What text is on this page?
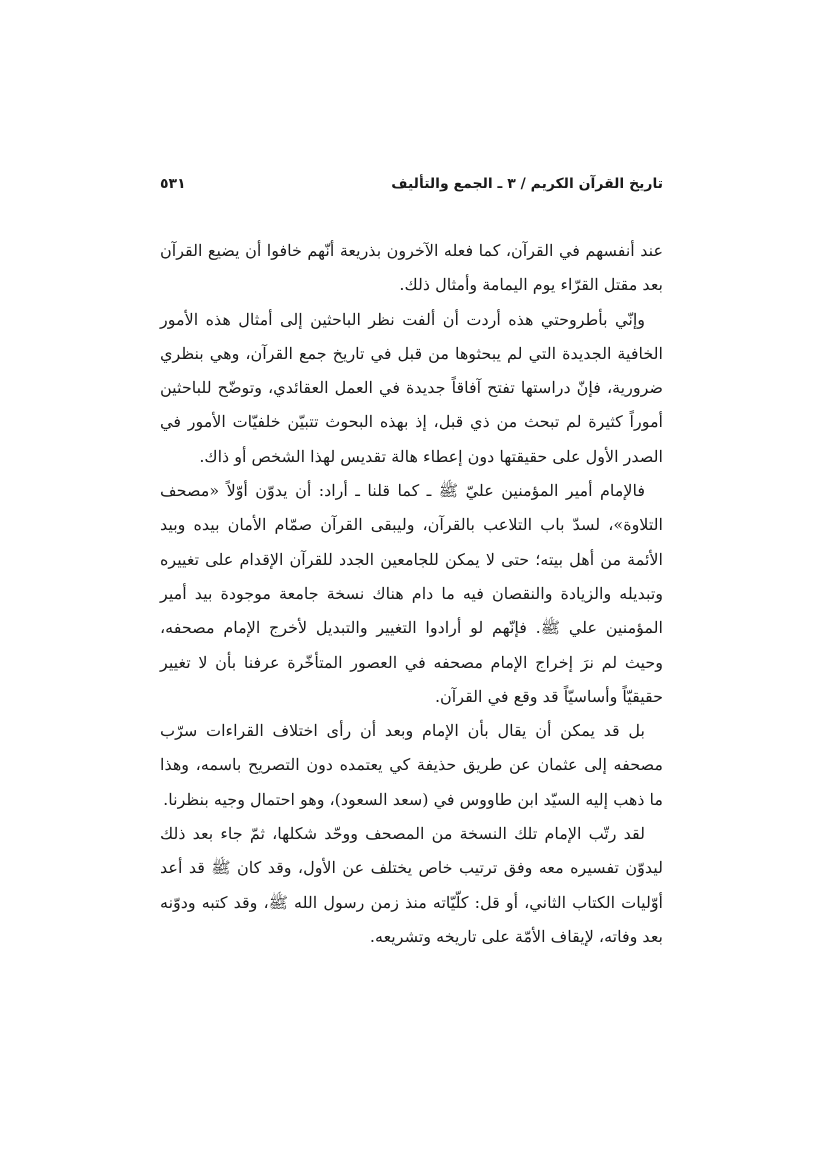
تاريخ القرآن الكريم / ٣ ـ الجمع والتأليف
٥٣١

عند أنفسهم في القرآن، كما فعله الآخرون بذريعة أنّهم خافوا أن يضيع القرآن بعد مقتل القرّاء يوم اليمامة وأمثال ذلك.

وإنّي بأطروحتي هذه أردت أن ألفت نظر الباحثين إلى أمثال هذه الأمور الخافية الجديدة التي لم يبحثوها من قبل في تاريخ جمع القرآن، وهي بنظري ضرورية، فإنّ دراستها تفتح آفاقاً جديدة في العمل العقائدي، وتوضّح للباحثين أموراً كثيرة لم تبحث من ذي قبل، إذ بهذه البحوث تتبيّن خلفيّات الأمور في الصدر الأول على حقيقتها دون إعطاء هالة تقديس لهذا الشخص أو ذاك.

فالإمام أمير المؤمنين عليّ ﷺ ـ كما قلنا ـ أراد: أن يدوّن أوّلاً «مصحف التلاوة»، لسدّ باب التلاعب بالقرآن، وليبقى القرآن صمّام الأمان بيده وبيد الأئمة من أهل بيته؛ حتى لا يمكن للجامعين الجدد للقرآن الإقدام على تغييره وتبديله والزيادة والنقصان فيه ما دام هناك نسخة جامعة موجودة بيد أمير المؤمنين علي ﷺ. فإنّهم لو أرادوا التغيير والتبديل لأخرج الإمام مصحفه، وحيث لم نرَ إخراج الإمام مصحفه في العصور المتأخّرة عرفنا بأن لا تغيير حقيقيّاً وأساسيّاً قد وقع في القرآن.

بل قد يمكن أن يقال بأن الإمام وبعد أن رأى اختلاف القراءات سرّب مصحفه إلى عثمان عن طريق حذيفة كي يعتمده دون التصريح باسمه، وهذا ما ذهب إليه السيّد ابن طاووس في (سعد السعود)، وهو احتمال وجيه بنظرنا.

لقد رتّب الإمام تلك النسخة من المصحف ووحّد شكلها، ثمّ جاء بعد ذلك ليدوّن تفسيره معه وفق ترتيب خاص يختلف عن الأول، وقد كان ﷺ قد أعد أوّليات الكتاب الثاني، أو قل: كلّيّاته منذ زمن رسول الله ﷺ، وقد كتبه ودوّنه بعد وفاته، لإيقاف الأمّة على تاريخه وتشريعه.
